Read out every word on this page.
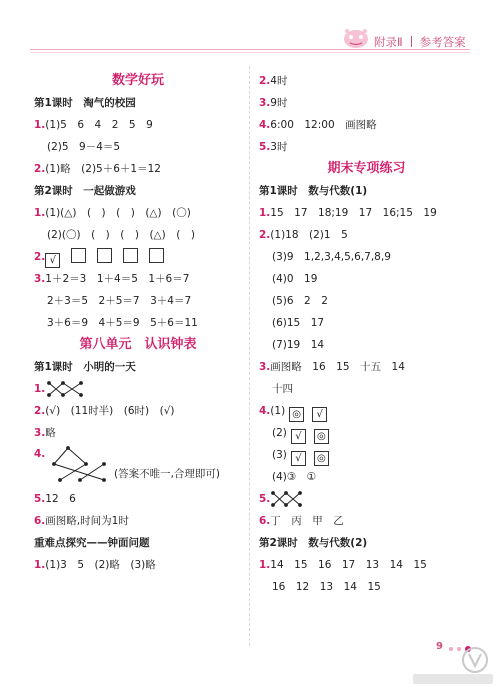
附录Ⅱ 参考答案
数学好玩
第1课时　淘气的校园
1.(1)5　6　4　2　5　9
(2)5　9－4＝5
2.(1)略　(2)5＋6＋1＝12
第2课时　一起做游戏
1.(1)(△)　(　)　(　)　(△)　(〇)
(2)(〇)　(　)　(　)　(△)　(　)
2. √
3.1＋2＝3　1＋4＝5　1＋6＝7
2＋3＝5　2＋5＝7　3＋4＝7
3＋6＝9　4＋5＝9　5＋6＝11
第八单元　认识钟表
第1课时　小明的一天
1.
2.(√)　(11时半)　(6时)　(√)
3.略
4.
(答案不唯一,合理即可)
5.12　6
6.画图略,时间为1时
重难点探究——钟面问题
1.(1)3　5　(2)略　(3)略
2.4时
3.9时
4.6:00　12:00　画图略
5.3时
期末专项练习
第1课时　数与代数(1)
1.15　17　18;19　17　16;15　19
2.(1)18　(2)1　5
(3)9　1,2,3,4,5,6,7,8,9
(4)0　19
(5)6　2　2
(6)15　17
(7)19　14
3.画图略　16　15　十五　14
十四
4.(1) ◎ √
(2) √ ◎
(3) √ ◎
(4)③　①
5.
6.丁　丙　甲　乙
第2课时　数与代数(2)
1.14　15　16　17　13　14　15
16　12　13　14　15
9
